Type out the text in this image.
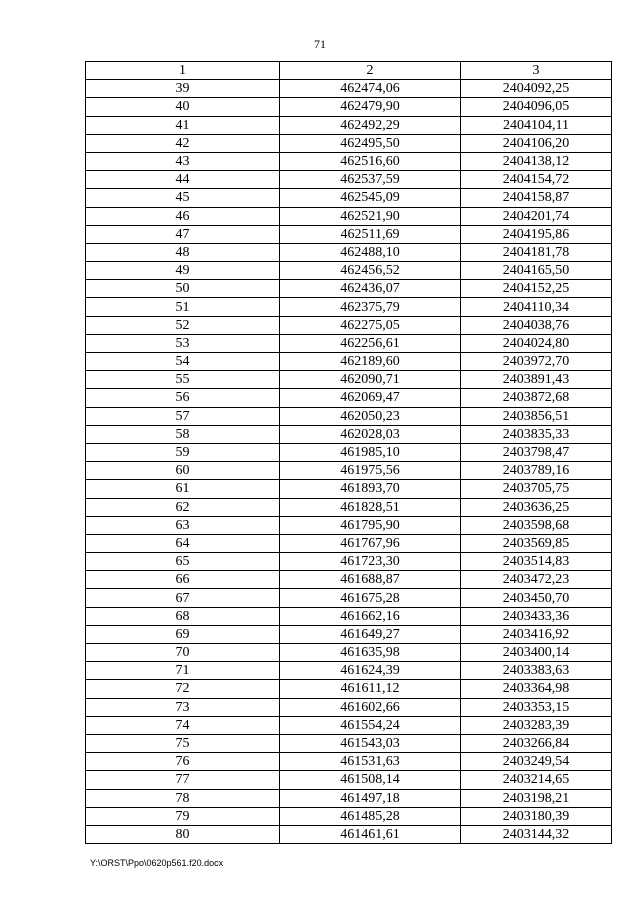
71
1	2	3
39	462474,06	2404092,25
40	462479,90	2404096,05
41	462492,29	2404104,11
42	462495,50	2404106,20
43	462516,60	2404138,12
44	462537,59	2404154,72
45	462545,09	2404158,87
46	462521,90	2404201,74
47	462511,69	2404195,86
48	462488,10	2404181,78
49	462456,52	2404165,50
50	462436,07	2404152,25
51	462375,79	2404110,34
52	462275,05	2404038,76
53	462256,61	2404024,80
54	462189,60	2403972,70
55	462090,71	2403891,43
56	462069,47	2403872,68
57	462050,23	2403856,51
58	462028,03	2403835,33
59	461985,10	2403798,47
60	461975,56	2403789,16
61	461893,70	2403705,75
62	461828,51	2403636,25
63	461795,90	2403598,68
64	461767,96	2403569,85
65	461723,30	2403514,83
66	461688,87	2403472,23
67	461675,28	2403450,70
68	461662,16	2403433,36
69	461649,27	2403416,92
70	461635,98	2403400,14
71	461624,39	2403383,63
72	461611,12	2403364,98
73	461602,66	2403353,15
74	461554,24	2403283,39
75	461543,03	2403266,84
76	461531,63	2403249,54
77	461508,14	2403214,65
78	461497,18	2403198,21
79	461485,28	2403180,39
80	461461,61	2403144,32
Y:\ORST\Ppo\0620p561.f20.docx
